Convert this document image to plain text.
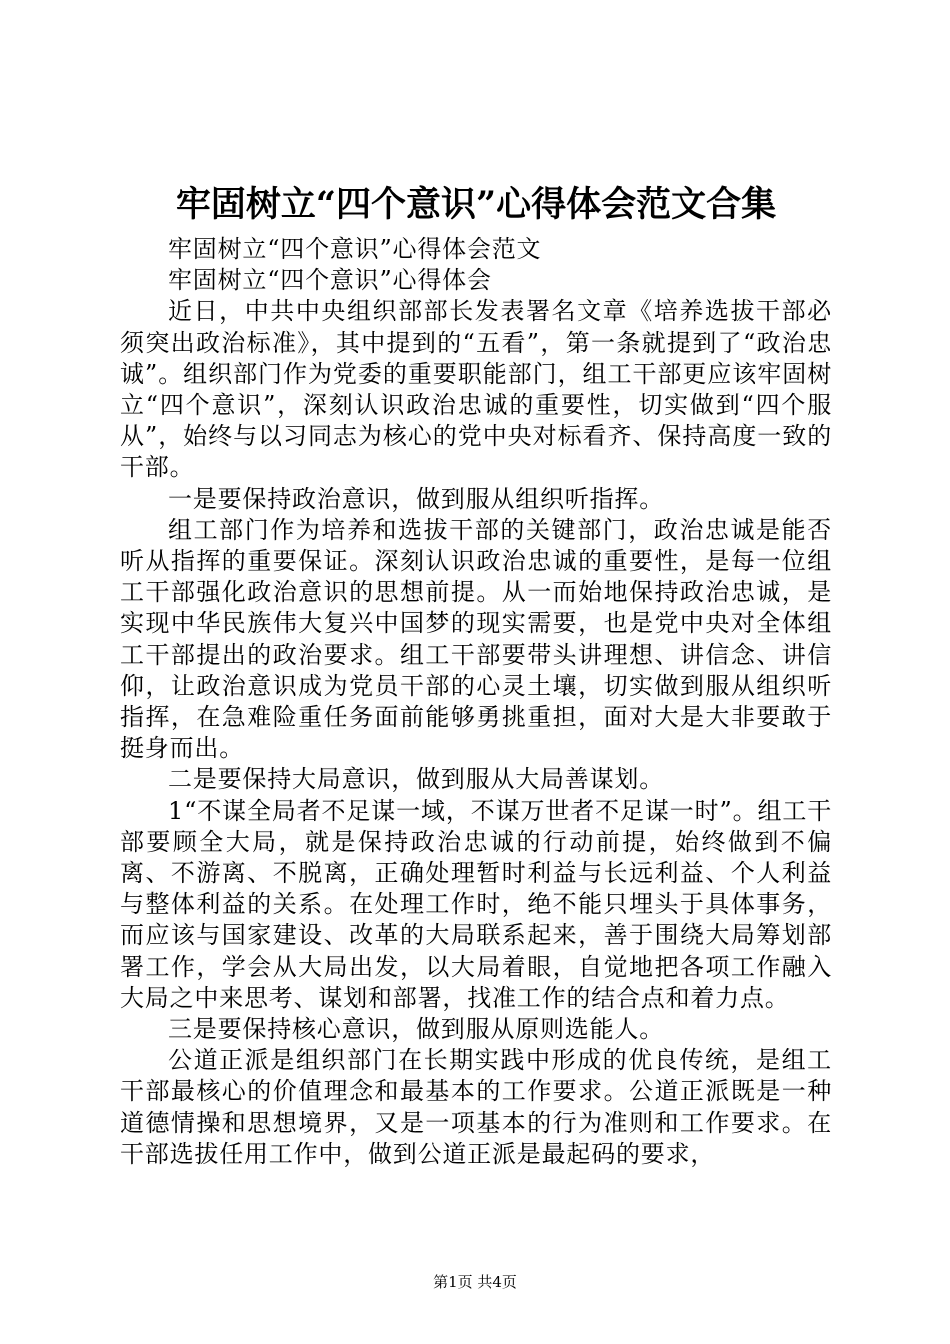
牢固树立“四个意识”心得体会范文合集

牢固树立“四个意识”心得体会范文

牢固树立“四个意识”心得体会

近日，中共中央组织部部长发表署名文章《培养选拔干部必须突出政治标准》，其中提到的“五看”，第一条就提到了“政治忠诚”。组织部门作为党委的重要职能部门，组工干部更应该牢固树立“四个意识”，深刻认识政治忠诚的重要性，切实做到“四个服从”，始终与以习同志为核心的党中央对标看齐、保持高度一致的干部。

一是要保持政治意识，做到服从组织听指挥。

组工部门作为培养和选拔干部的关键部门，政治忠诚是能否听从指挥的重要保证。深刻认识政治忠诚的重要性，是每一位组工干部强化政治意识的思想前提。从一而始地保持政治忠诚，是实现中华民族伟大复兴中国梦的现实需要，也是党中央对全体组工干部提出的政治要求。组工干部要带头讲理想、讲信念、讲信仰，让政治意识成为党员干部的心灵土壤，切实做到服从组织听指挥，在急难险重任务面前能够勇挑重担，面对大是大非要敢于挺身而出。

二是要保持大局意识，做到服从大局善谋划。

1“不谋全局者不足谋一域，不谋万世者不足谋一时”。组工干部要顾全大局，就是保持政治忠诚的行动前提，始终做到不偏离、不游离、不脱离，正确处理暂时利益与长远利益、个人利益与整体利益的关系。在处理工作时，绝不能只埋头于具体事务，而应该与国家建设、改革的大局联系起来，善于围绕大局筹划部署工作，学会从大局出发，以大局着眼，自觉地把各项工作融入大局之中来思考、谋划和部署，找准工作的结合点和着力点。

三是要保持核心意识，做到服从原则选能人。

公道正派是组织部门在长期实践中形成的优良传统，是组工干部最核心的价值理念和最基本的工作要求。公道正派既是一种道德情操和思想境界，又是一项基本的行为准则和工作要求。在干部选拔任用工作中，做到公道正派是最起码的要求，

第1页 共4页
